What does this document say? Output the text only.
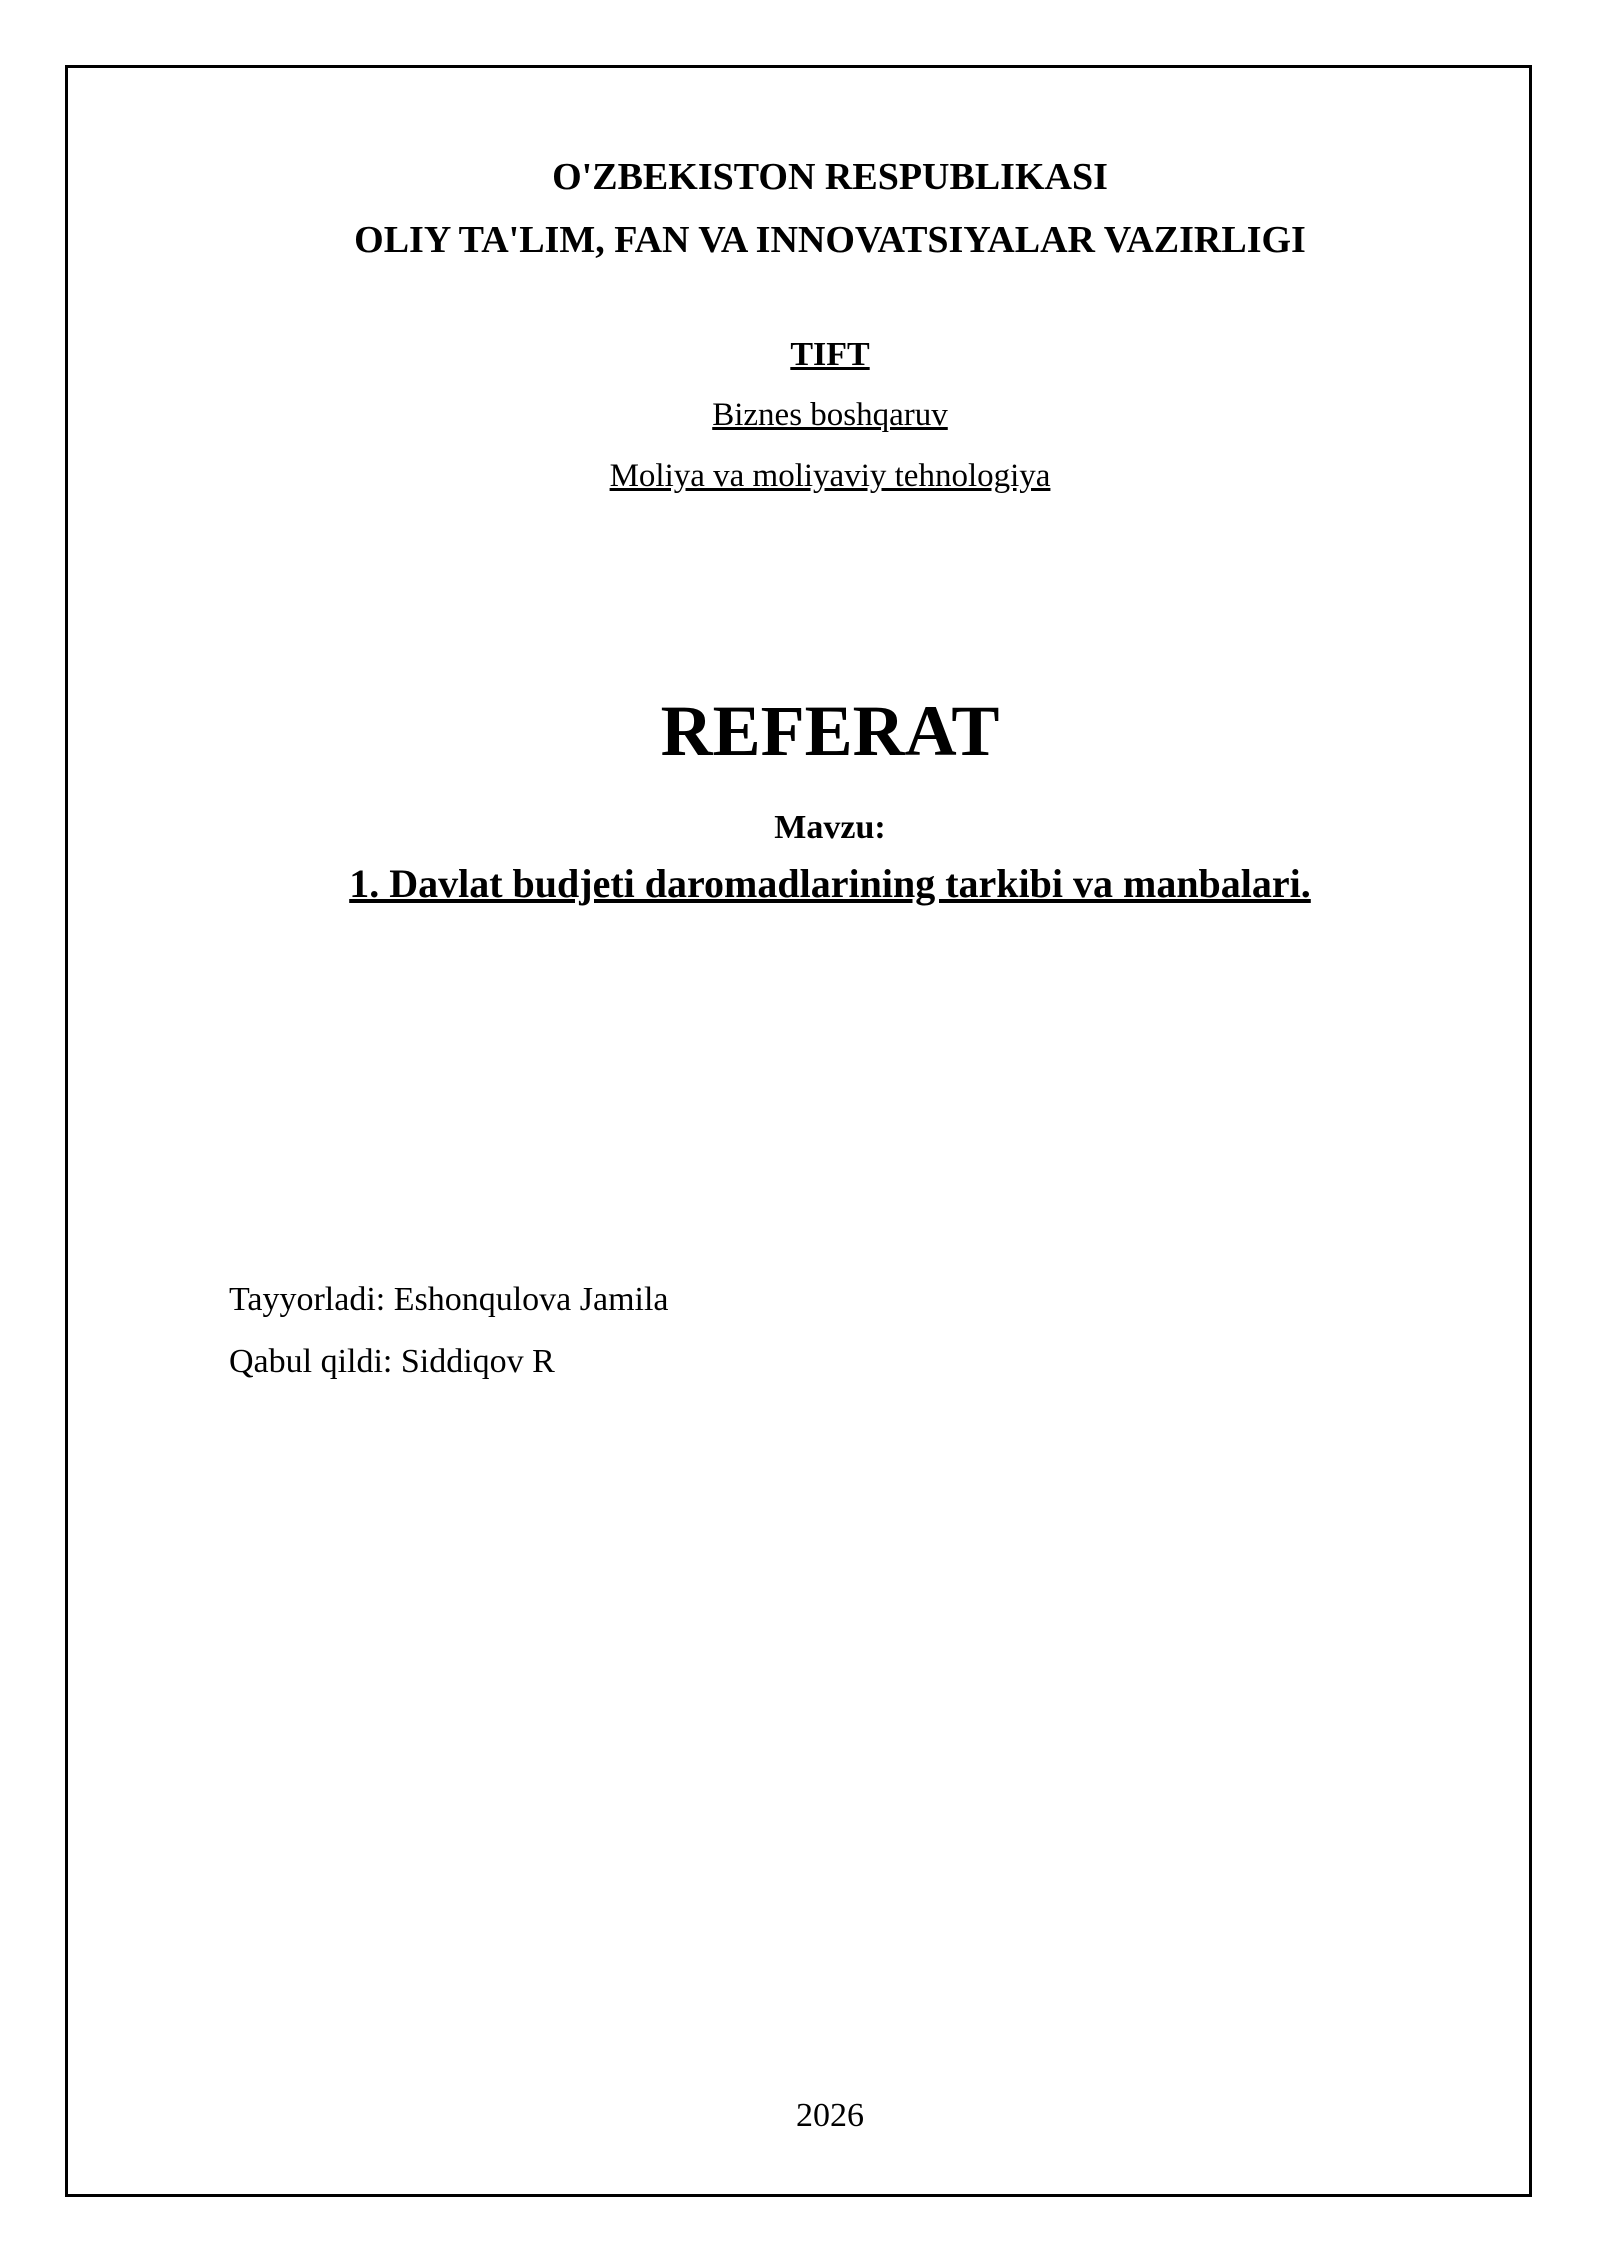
O'ZBEKISTON RESPUBLIKASI
OLIY TA'LIM, FAN VA INNOVATSIYALAR VAZIRLIGI
TIFT
Biznes boshqaruv
Moliya va moliyaviy tehnologiya
REFERAT
Mavzu:
1. Davlat budjeti daromadlarining tarkibi va manbalari.
Tayyorladi: Eshonqulova Jamila
Qabul qildi: Siddiqov R
2026
